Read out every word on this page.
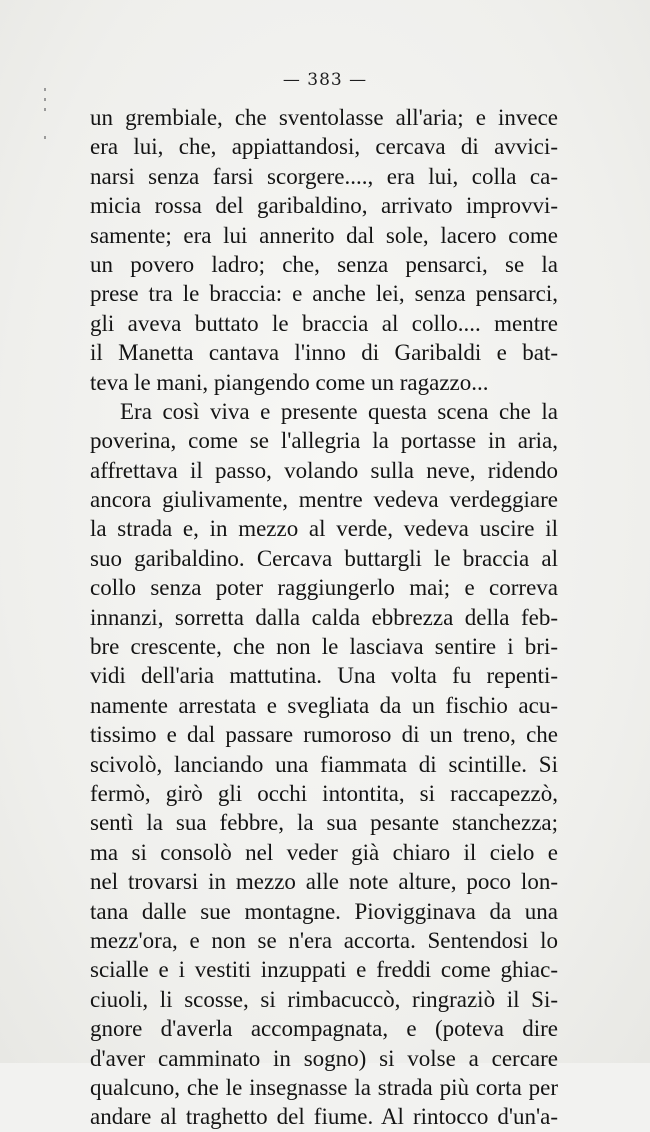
— 383 —
un grembiale, che sventolasse all'aria; e invece
era lui, che, appiattandosi, cercava di avvici-
narsi senza farsi scorgere...., era lui, colla ca-
micia rossa del garibaldino, arrivato improvvi-
samente; era lui annerito dal sole, lacero come
un povero ladro; che, senza pensarci, se la
prese tra le braccia: e anche lei, senza pensarci,
gli aveva buttato le braccia al collo.... mentre
il Manetta cantava l'inno di Garibaldi e bat-
teva le mani, piangendo come un ragazzo...
Era così viva e presente questa scena che la
poverina, come se l'allegria la portasse in aria,
affrettava il passo, volando sulla neve, ridendo
ancora giulivamente, mentre vedeva verdeggiare
la strada e, in mezzo al verde, vedeva uscire il
suo garibaldino. Cercava buttargli le braccia al
collo senza poter raggiungerlo mai; e correva
innanzi, sorretta dalla calda ebbrezza della feb-
bre crescente, che non le lasciava sentire i bri-
vidi dell'aria mattutina. Una volta fu repenti-
namente arrestata e svegliata da un fischio acu-
tissimo e dal passare rumoroso di un treno, che
scivolò, lanciando una fiammata di scintille. Si
fermò, girò gli occhi intontita, si raccapezzò,
sentì la sua febbre, la sua pesante stanchezza;
ma si consolò nel veder già chiaro il cielo e
nel trovarsi in mezzo alle note alture, poco lon-
tana dalle sue montagne. Piovigginava da una
mezz'ora, e non se n'era accorta. Sentendosi lo
scialle e i vestiti inzuppati e freddi come ghiac-
ciuoli, li scosse, si rimbacuccò, ringraziò il Si-
gnore d'averla accompagnata, e (poteva dire
d'aver camminato in sogno) si volse a cercare
qualcuno, che le insegnasse la strada più corta per
andare al traghetto del fiume. Al rintocco d'un'a-
